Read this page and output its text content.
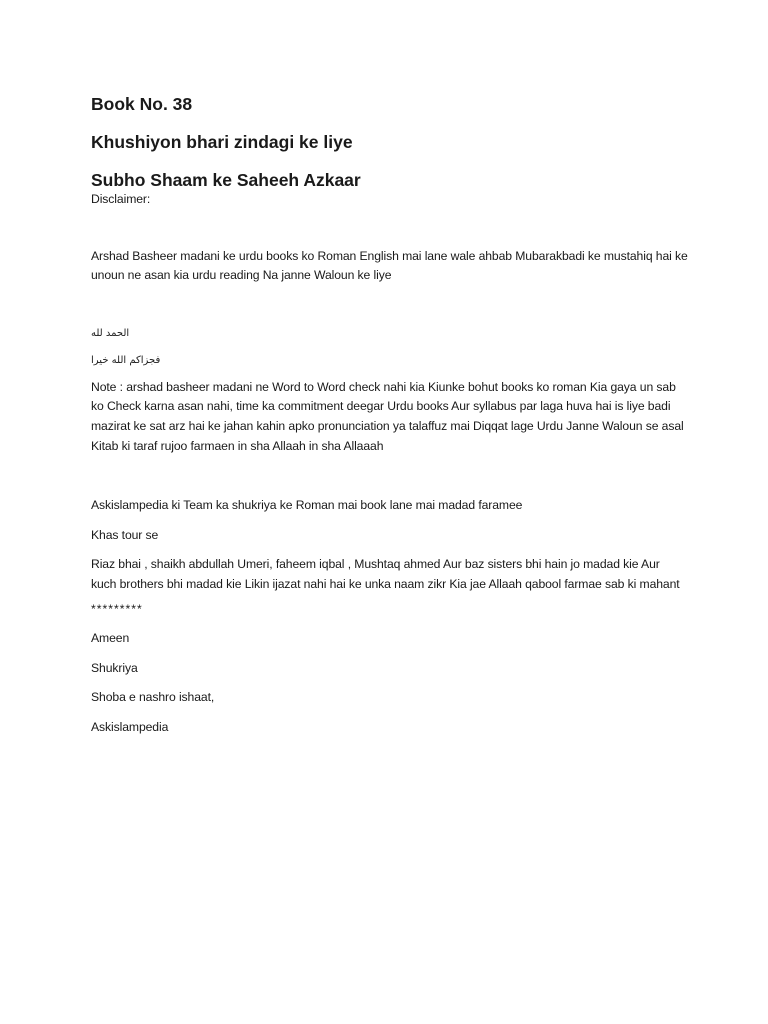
Book No. 38
Khushiyon bhari zindagi ke liye
Subho Shaam ke Saheeh Azkaar

Disclaimer:

Arshad Basheer madani ke urdu books ko Roman English mai lane wale ahbab Mubarakbadi ke mustahiq hai ke unoun ne asan kia urdu reading Na janne Waloun ke liye

الحمد لله

فجزاكم الله خيرا

Note : arshad basheer madani ne Word to Word check nahi kia Kiunke bohut books ko roman Kia gaya un sab ko Check karna asan nahi, time ka commitment deegar Urdu books Aur syllabus par laga huva hai is liye badi mazirat ke sat arz hai ke jahan kahin apko pronunciation ya talaffuz mai Diqqat lage Urdu Janne Waloun se asal Kitab ki taraf rujoo farmaen in sha Allaah in sha Allaaah

Askislampedia ki Team ka shukriya ke Roman mai book lane mai madad faramee

Khas tour se

Riaz bhai , shaikh abdullah Umeri, faheem iqbal , Mushtaq ahmed Aur baz sisters bhi hain jo madad kie Aur kuch brothers bhi madad kie Likin ijazat nahi hai ke unka naam zikr Kia jae Allaah qabool farmae sab ki mahant

*********

Ameen

Shukriya

Shoba e nashro ishaat,

Askislampedia
